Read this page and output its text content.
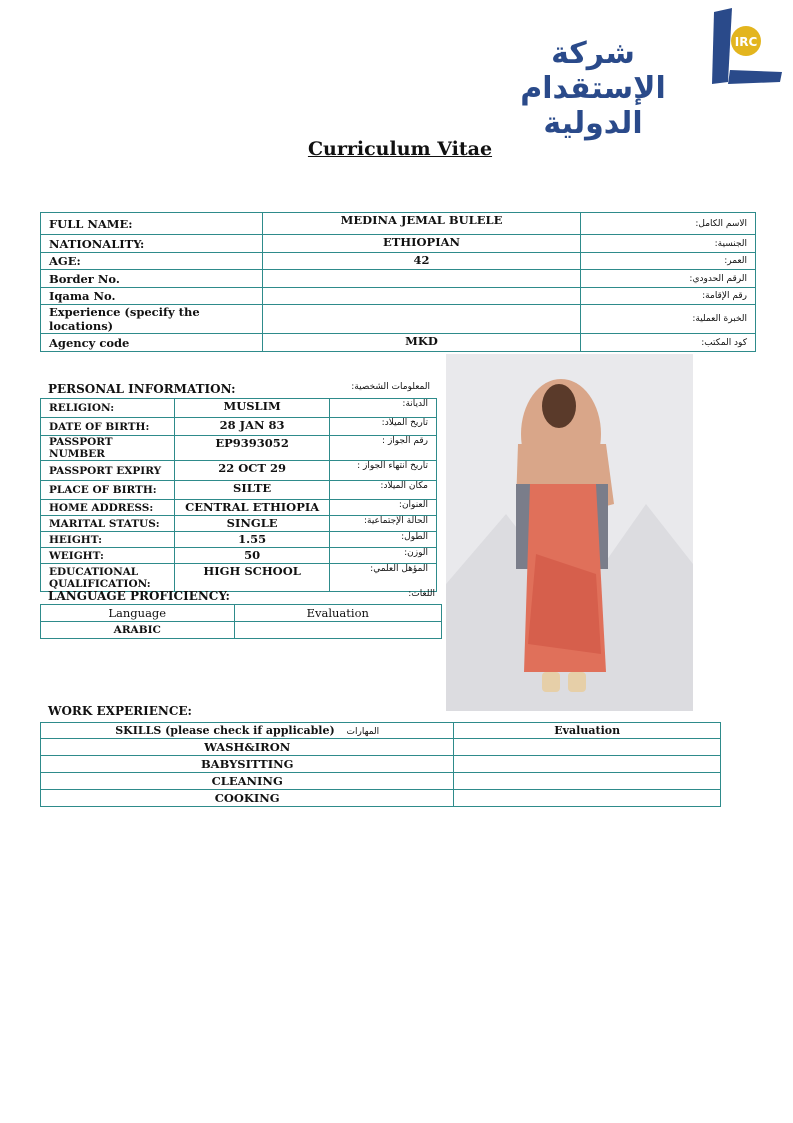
شركة الإستقدام الدولية
IRC
Curriculum Vitae
FULL NAME:	MEDINA JEMAL BULELE	الاسم الكامل:
NATIONALITY:	ETHIOPIAN	الجنسية:
AGE:	42	العمر:
Border No.		الرقم الحدودي:
Iqama No.		رقم الإقامة:
Experience (specify the locations)		الخبرة العملية:
Agency code	MKD	كود المكتب:
PERSONAL INFORMATION:	المعلومات الشخصية:
RELIGION:	MUSLIM	الديانة:
DATE OF BIRTH:	28 JAN 83	تاريخ الميلاد:
PASSPORT NUMBER	EP9393052	رقم الجواز :
PASSPORT EXPIRY	22 OCT 29	تاريخ انتهاء الجواز :
PLACE OF BIRTH:	SILTE	مكان الميلاد:
HOME ADDRESS:	CENTRAL ETHIOPIA	العنوان:
MARITAL STATUS:	SINGLE	الحالة الإجتماعية:
HEIGHT:	1.55	الطول:
WEIGHT:	50	الوزن:
EDUCATIONAL QUALIFICATION:	HIGH SCHOOL	المؤهل العلمي:
LANGUAGE PROFICIENCY:	اللغات:
Language	Evaluation
ARABIC	
WORK EXPERIENCE:
SKILLS (please check if applicable) المهارات	Evaluation
WASH&IRON	
BABYSITTING	
CLEANING	
COOKING	
